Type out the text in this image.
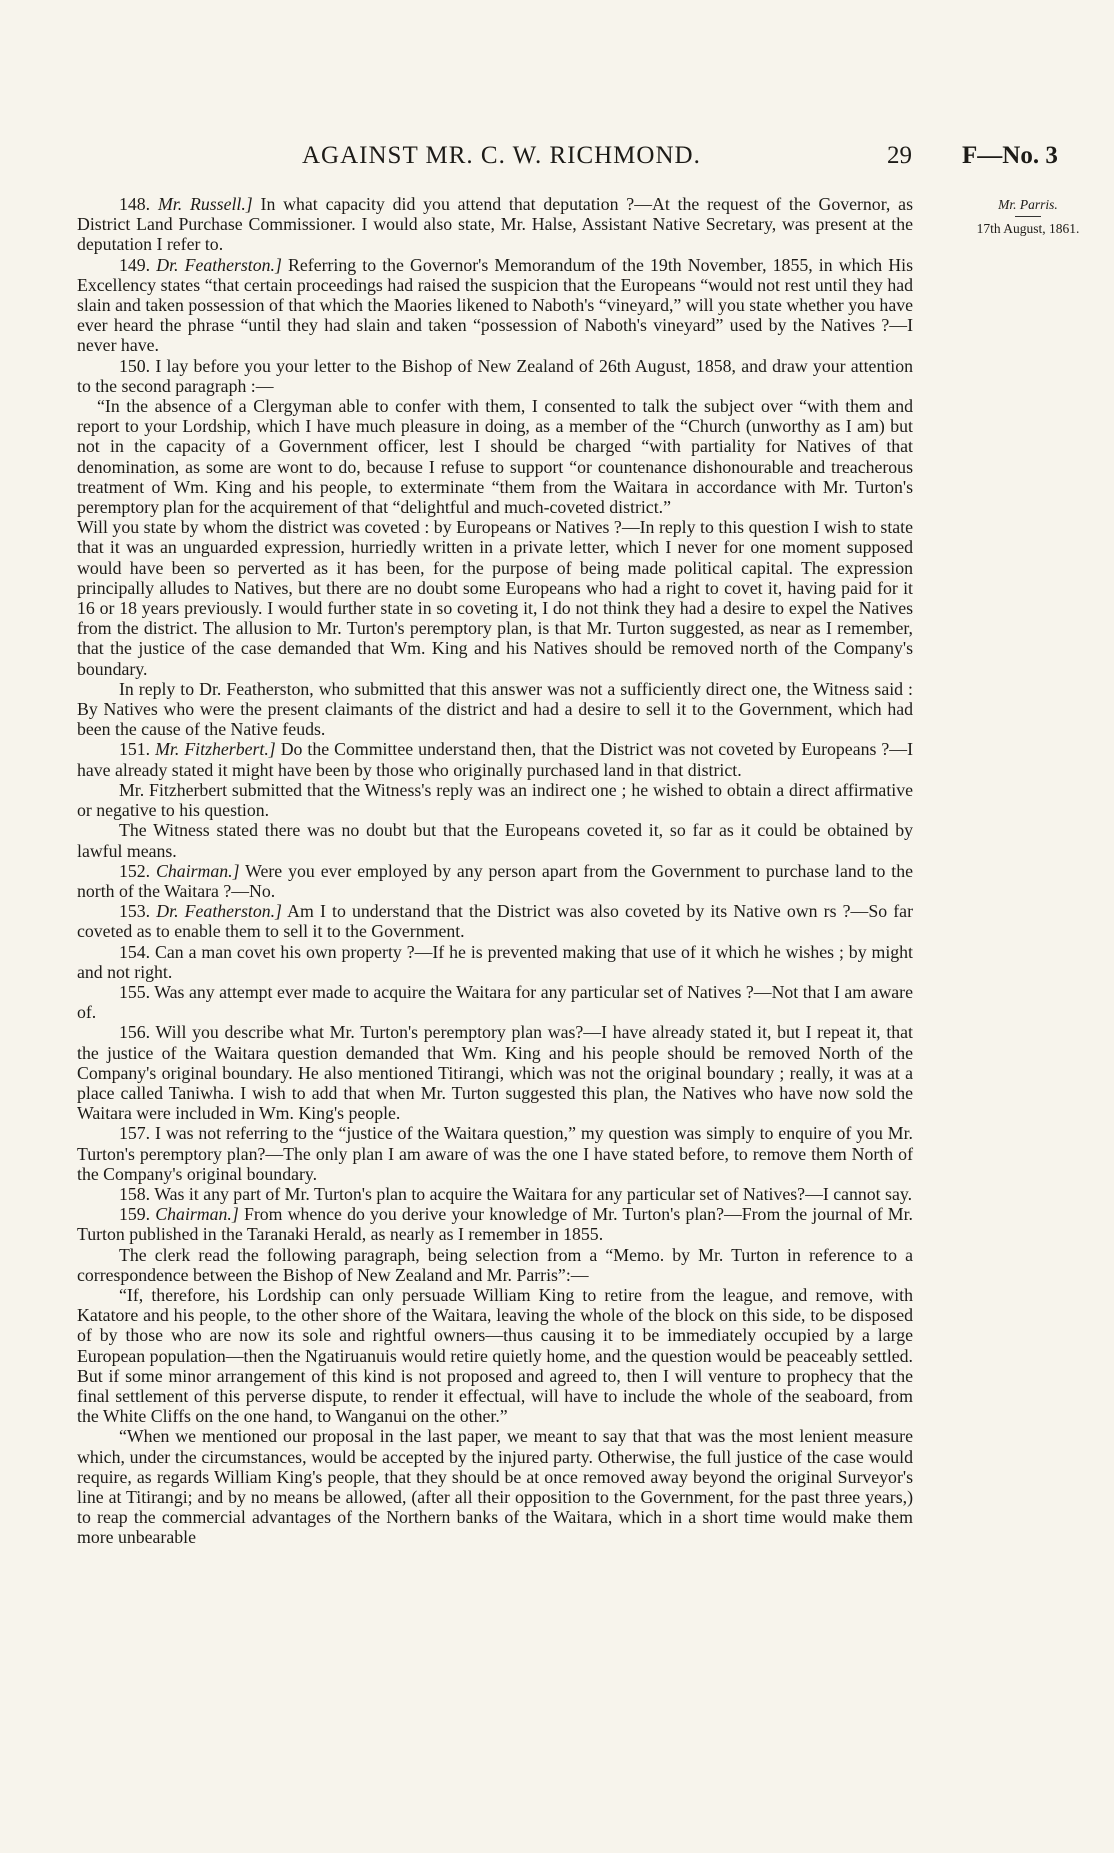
AGAINST MR. C. W. RICHMOND.	29 F—No. 3
Mr. Parris.
17th August, 1861.

148. Mr. Russell.] In what capacity did you attend that deputation ?—At the request of the Governor, as District Land Purchase Commissioner. I would also state, Mr. Halse, Assistant Native Secretary, was present at the deputation I refer to.

149. Dr. Featherston.] Referring to the Governor's Memorandum of the 19th November, 1855, in which His Excellency states “that certain proceedings had raised the suspicion that the Europeans “would not rest until they had slain and taken possession of that which the Maories likened to Naboth's “vineyard,” will you state whether you have ever heard the phrase “until they had slain and taken “possession of Naboth's vineyard” used by the Natives ?—I never have.

150. I lay before you your letter to the Bishop of New Zealand of 26th August, 1858, and draw your attention to the second paragraph :—

“In the absence of a Clergyman able to confer with them, I consented to talk the subject over “with them and report to your Lordship, which I have much pleasure in doing, as a member of the “Church (unworthy as I am) but not in the capacity of a Government officer, lest I should be charged “with partiality for Natives of that denomination, as some are wont to do, because I refuse to support “or countenance dishonourable and treacherous treatment of Wm. King and his people, to exterminate “them from the Waitara in accordance with Mr. Turton's peremptory plan for the acquirement of that “delightful and much-coveted district.”

Will you state by whom the district was coveted : by Europeans or Natives ?—In reply to this question I wish to state that it was an unguarded expression, hurriedly written in a private letter, which I never for one moment supposed would have been so perverted as it has been, for the purpose of being made political capital. The expression principally alludes to Natives, but there are no doubt some Europeans who had a right to covet it, having paid for it 16 or 18 years previously. I would further state in so coveting it, I do not think they had a desire to expel the Natives from the district. The allusion to Mr. Turton's peremptory plan, is that Mr. Turton suggested, as near as I remember, that the justice of the case demanded that Wm. King and his Natives should be removed north of the Company's boundary.

In reply to Dr. Featherston, who submitted that this answer was not a sufficiently direct one, the Witness said : By Natives who were the present claimants of the district and had a desire to sell it to the Government, which had been the cause of the Native feuds.

151. Mr. Fitzherbert.] Do the Committee understand then, that the District was not coveted by Europeans ?—I have already stated it might have been by those who originally purchased land in that district.

Mr. Fitzherbert submitted that the Witness's reply was an indirect one ; he wished to obtain a direct affirmative or negative to his question.

The Witness stated there was no doubt but that the Europeans coveted it, so far as it could be obtained by lawful means.

152. Chairman.] Were you ever employed by any person apart from the Government to purchase land to the north of the Waitara ?—No.

153. Dr. Featherston.] Am I to understand that the District was also coveted by its Native own rs ?—So far coveted as to enable them to sell it to the Government.

154. Can a man covet his own property ?—If he is prevented making that use of it which he wishes ; by might and not right.

155. Was any attempt ever made to acquire the Waitara for any particular set of Natives ?—Not that I am aware of.

156. Will you describe what Mr. Turton's peremptory plan was?—I have already stated it, but I repeat it, that the justice of the Waitara question demanded that Wm. King and his people should be removed North of the Company's original boundary. He also mentioned Titirangi, which was not the original boundary ; really, it was at a place called Taniwha. I wish to add that when Mr. Turton suggested this plan, the Natives who have now sold the Waitara were included in Wm. King's people.

157. I was not referring to the “justice of the Waitara question,” my question was simply to enquire of you Mr. Turton's peremptory plan?—The only plan I am aware of was the one I have stated before, to remove them North of the Company's original boundary.

158. Was it any part of Mr. Turton's plan to acquire the Waitara for any particular set of Natives?—I cannot say.

159. Chairman.] From whence do you derive your knowledge of Mr. Turton's plan?—From the journal of Mr. Turton published in the Taranaki Herald, as nearly as I remember in 1855.

The clerk read the following paragraph, being selection from a “Memo. by Mr. Turton in reference to a correspondence between the Bishop of New Zealand and Mr. Parris”:—

“If, therefore, his Lordship can only persuade William King to retire from the league, and remove, with Katatore and his people, to the other shore of the Waitara, leaving the whole of the block on this side, to be disposed of by those who are now its sole and rightful owners—thus causing it to be immediately occupied by a large European population—then the Ngatiruanuis would retire quietly home, and the question would be peaceably settled. But if some minor arrangement of this kind is not proposed and agreed to, then I will venture to prophecy that the final settlement of this perverse dispute, to render it effectual, will have to include the whole of the seaboard, from the White Cliffs on the one hand, to Wanganui on the other.”

“When we mentioned our proposal in the last paper, we meant to say that that was the most lenient measure which, under the circumstances, would be accepted by the injured party. Otherwise, the full justice of the case would require, as regards William King's people, that they should be at once removed away beyond the original Surveyor's line at Titirangi; and by no means be allowed, (after all their opposition to the Government, for the past three years,) to reap the commercial advantages of the Northern banks of the Waitara, which in a short time would make them more unbearable
